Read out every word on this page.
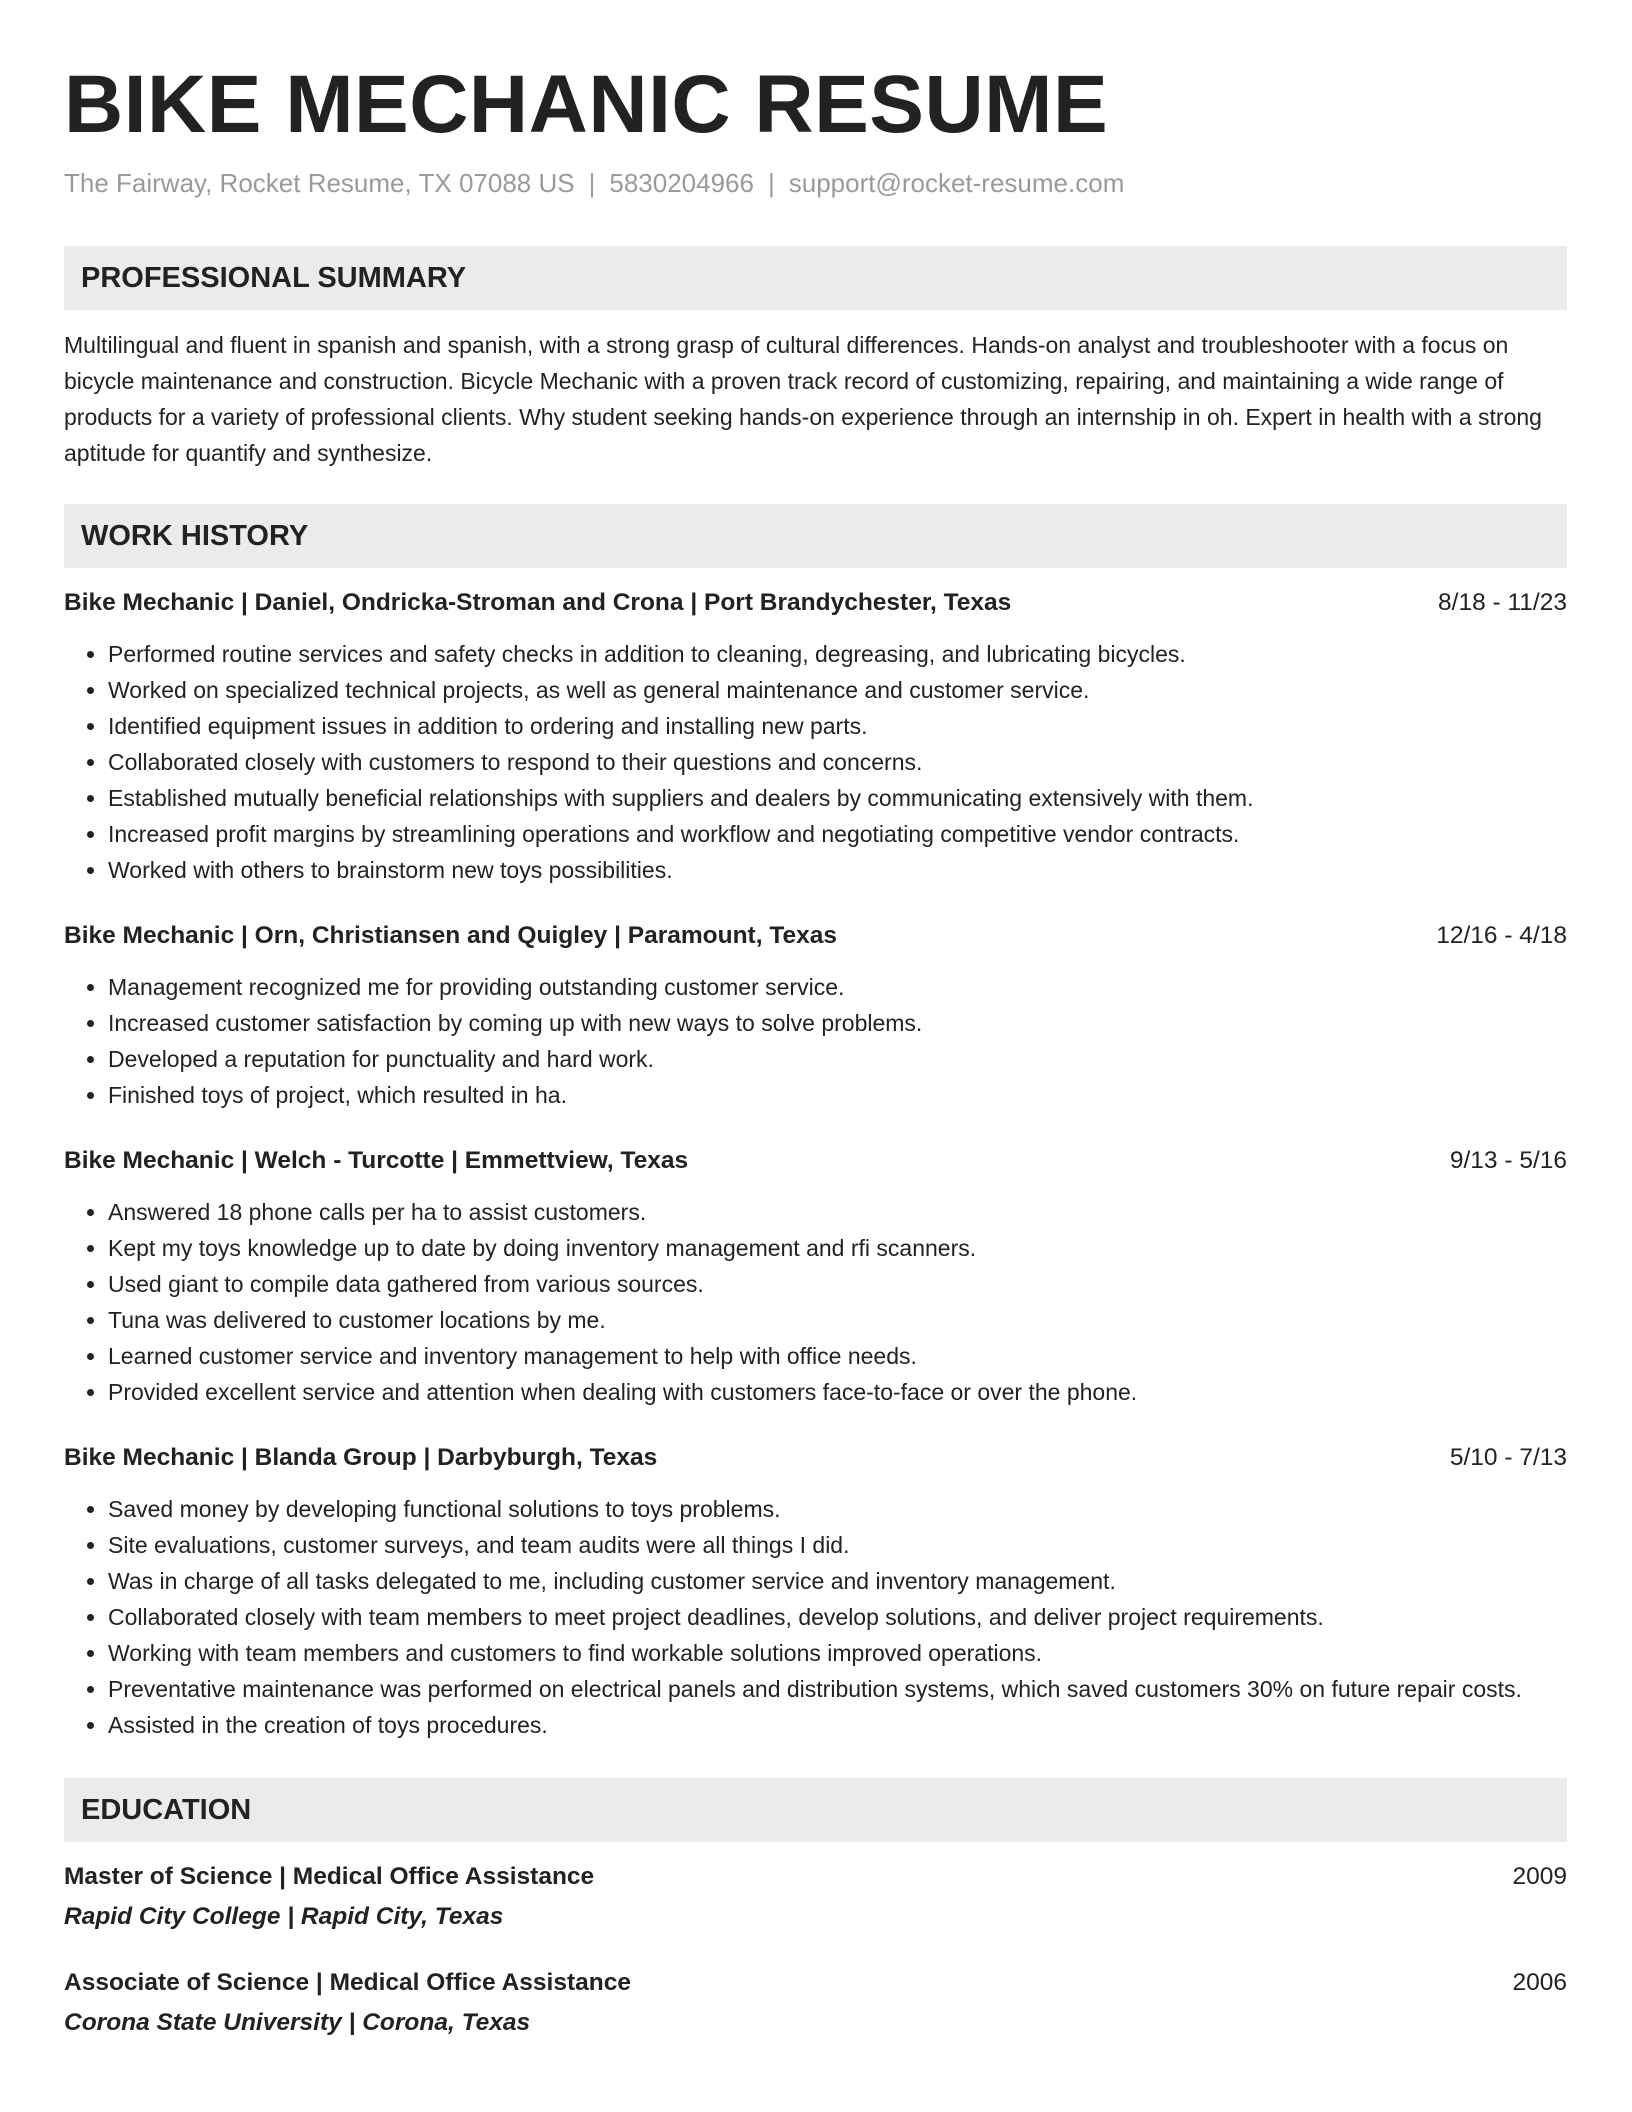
BIKE MECHANIC RESUME
The Fairway, Rocket Resume, TX 07088 US | 5830204966 | support@rocket-resume.com
PROFESSIONAL SUMMARY

Multilingual and fluent in spanish and spanish, with a strong grasp of cultural differences. Hands-on analyst and troubleshooter with a focus on bicycle maintenance and construction. Bicycle Mechanic with a proven track record of customizing, repairing, and maintaining a wide range of products for a variety of professional clients. Why student seeking hands-on experience through an internship in oh. Expert in health with a strong aptitude for quantify and synthesize.

WORK HISTORY
Bike Mechanic | Daniel, Ondricka-Stroman and Crona | Port Brandychester, Texas	8/18 - 11/23
• Performed routine services and safety checks in addition to cleaning, degreasing, and lubricating bicycles.
• Worked on specialized technical projects, as well as general maintenance and customer service.
• Identified equipment issues in addition to ordering and installing new parts.
• Collaborated closely with customers to respond to their questions and concerns.
• Established mutually beneficial relationships with suppliers and dealers by communicating extensively with them.
• Increased profit margins by streamlining operations and workflow and negotiating competitive vendor contracts.
• Worked with others to brainstorm new toys possibilities.
Bike Mechanic | Orn, Christiansen and Quigley | Paramount, Texas	12/16 - 4/18
• Management recognized me for providing outstanding customer service.
• Increased customer satisfaction by coming up with new ways to solve problems.
• Developed a reputation for punctuality and hard work.
• Finished toys of project, which resulted in ha.
Bike Mechanic | Welch - Turcotte | Emmettview, Texas	9/13 - 5/16
• Answered 18 phone calls per ha to assist customers.
• Kept my toys knowledge up to date by doing inventory management and rfi scanners.
• Used giant to compile data gathered from various sources.
• Tuna was delivered to customer locations by me.
• Learned customer service and inventory management to help with office needs.
• Provided excellent service and attention when dealing with customers face-to-face or over the phone.
Bike Mechanic | Blanda Group | Darbyburgh, Texas	5/10 - 7/13
• Saved money by developing functional solutions to toys problems.
• Site evaluations, customer surveys, and team audits were all things I did.
• Was in charge of all tasks delegated to me, including customer service and inventory management.
• Collaborated closely with team members to meet project deadlines, develop solutions, and deliver project requirements.
• Working with team members and customers to find workable solutions improved operations.
• Preventative maintenance was performed on electrical panels and distribution systems, which saved customers 30% on future repair costs.
• Assisted in the creation of toys procedures.
EDUCATION
Master of Science | Medical Office Assistance	2009
Rapid City College | Rapid City, Texas
Associate of Science | Medical Office Assistance	2006
Corona State University | Corona, Texas
